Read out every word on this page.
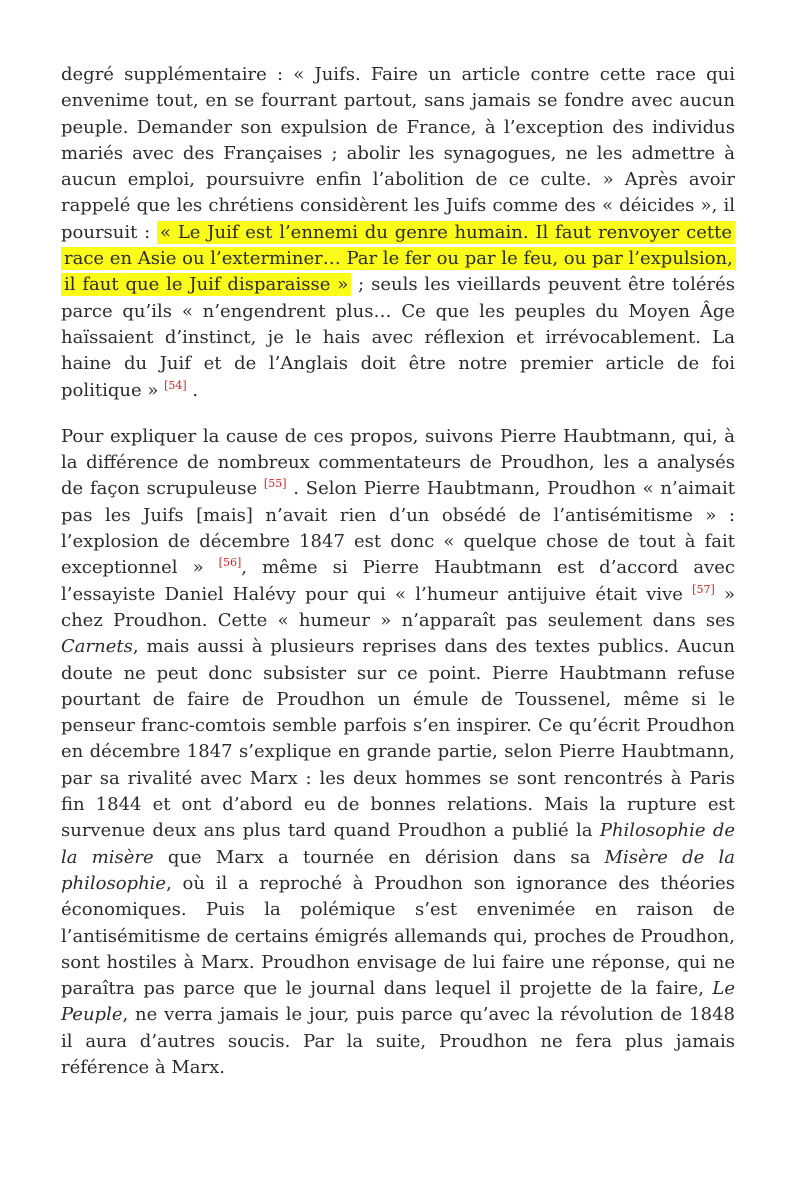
degré supplémentaire : « Juifs. Faire un article contre cette race qui envenime tout, en se fourrant partout, sans jamais se fondre avec aucun peuple. Demander son expulsion de France, à l’exception des individus mariés avec des Françaises ; abolir les synagogues, ne les admettre à aucun emploi, poursuivre enfin l’abolition de ce culte. » Après avoir rappelé que les chrétiens considèrent les Juifs comme des « déicides », il poursuit : « Le Juif est l’ennemi du genre humain. Il faut renvoyer cette race en Asie ou l’exterminer… Par le fer ou par le feu, ou par l’expulsion, il faut que le Juif disparaisse » ; seuls les vieillards peuvent être tolérés parce qu’ils « n’engendrent plus… Ce que les peuples du Moyen Âge haïssaient d’instinct, je le hais avec réflexion et irrévocablement. La haine du Juif et de l’Anglais doit être notre premier article de foi politique » [54] .

Pour expliquer la cause de ces propos, suivons Pierre Haubtmann, qui, à la différence de nombreux commentateurs de Proudhon, les a analysés de façon scrupuleuse [55] . Selon Pierre Haubtmann, Proudhon « n’aimait pas les Juifs [mais] n’avait rien d’un obsédé de l’antisémitisme » : l’explosion de décembre 1847 est donc « quelque chose de tout à fait exceptionnel » [56], même si Pierre Haubtmann est d’accord avec l’essayiste Daniel Halévy pour qui « l’humeur antijuive était vive [57] » chez Proudhon. Cette « humeur » n’apparaît pas seulement dans ses Carnets, mais aussi à plusieurs reprises dans des textes publics. Aucun doute ne peut donc subsister sur ce point. Pierre Haubtmann refuse pourtant de faire de Proudhon un émule de Toussenel, même si le penseur franc-comtois semble parfois s’en inspirer. Ce qu’écrit Proudhon en décembre 1847 s’explique en grande partie, selon Pierre Haubtmann, par sa rivalité avec Marx : les deux hommes se sont rencontrés à Paris fin 1844 et ont d’abord eu de bonnes relations. Mais la rupture est survenue deux ans plus tard quand Proudhon a publié la Philosophie de la misère que Marx a tournée en dérision dans sa Misère de la philosophie, où il a reproché à Proudhon son ignorance des théories économiques. Puis la polémique s’est envenimée en raison de l’antisémitisme de certains émigrés allemands qui, proches de Proudhon, sont hostiles à Marx. Proudhon envisage de lui faire une réponse, qui ne paraîtra pas parce que le journal dans lequel il projette de la faire, Le Peuple, ne verra jamais le jour, puis parce qu’avec la révolution de 1848 il aura d’autres soucis. Par la suite, Proudhon ne fera plus jamais référence à Marx.
